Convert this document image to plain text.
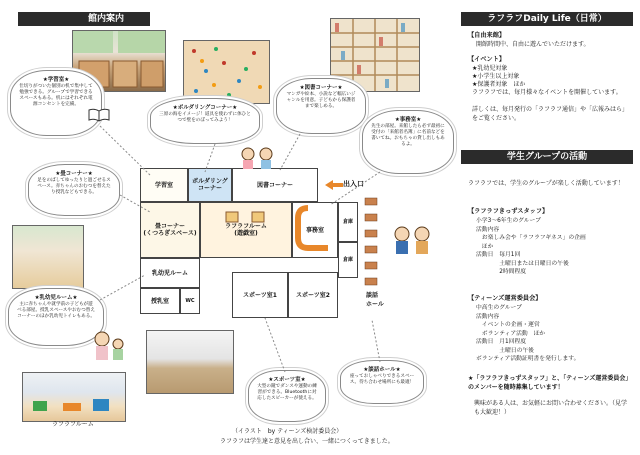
館内案内	ラフラフDaily Life（日常）
ラフラフルーム
★学習室★
仕切りがついた個別の机で集中して勉強できる。グループで学習できるスペースもある。机にはそれぞれ電源コンセントを完備。
★ボルダリングコーナー★
三原の海をイメージ！道具を使わずに体ひとつで壁をのぼってみよう！
★図書コーナー★
マンガや絵本、小説など幅広いジャンルを用意。子どもから保護者まで楽しめる。
★事務室★
先生の部屋。来館したら必ず最初に受付の「来館者名簿」に名前などを書いてね。おもちゃの貸し出しもあるよ。
★畳コーナー★
足をのばしてゆったりと過ごせるスペース。赤ちゃんのおむつを替えたり授乳などもできる。
★乳幼児ルーム★
主に赤ちゃんや就学前の子どもが遊べる部屋。授乳スペースやおむつ替えコーナーのほか乳幼児トイレもある。
★スポーツ室★
大型の鏡でダンスや運動の練習ができる。Bluetoothに対応したスピーカーが使える。
★談話ホール★
座っておしゃべりできるスペース。待ち合わせ場所にも最適！
学習室	ボルダリング
コーナー	図書コーナー	出入口
畳コーナー
(くつろぎスペース)
ラフラフルーム
(遊戯室)	事務室
倉庫
倉庫
乳幼児ルーム
授乳室	WC
スポーツ室1	スポーツ室2	談話
ホール
（イラスト　by ティーンズ検討委員会）
ラフラフは学生達と意見を出し合い、一緒につくってきました。
【自由来館】
開館時間中、自由に遊んでいただけます。
【イベント】
★乳幼児対象
★小学生以上対象
★保護者対象　ほか
ラフラフでは、毎月様々なイベントを開催しています。
詳しくは、毎月発行の「ラフラフ通信」や「広報みはら」をご覧ください。
学生グループの活動
ラフラフでは、学生のグループが楽しく活動しています！
【ラフラフきっずスタッフ】
小学3～6年生のグループ
活動内容
　お楽しみ会や「ラフラフギネス」の企画
　ほか
活動日　毎月1回
　　　　土曜日または日曜日の午後
　　　　2時間程度
【ティーンズ運営委員会】
中高生のグループ
活動内容
　イベントの企画・運営
　ボランティア活動　ほか
活動日　月1回程度
　　　　土曜日の午後
ボランティア活動証明書を発行します。
★「ラフラフきっずスタッフ」と、「ティーンズ運営委員会」のメンバーを随時募集しています！
興味がある人は、お気軽にお問い合わせください。（見学も大歓迎！）
